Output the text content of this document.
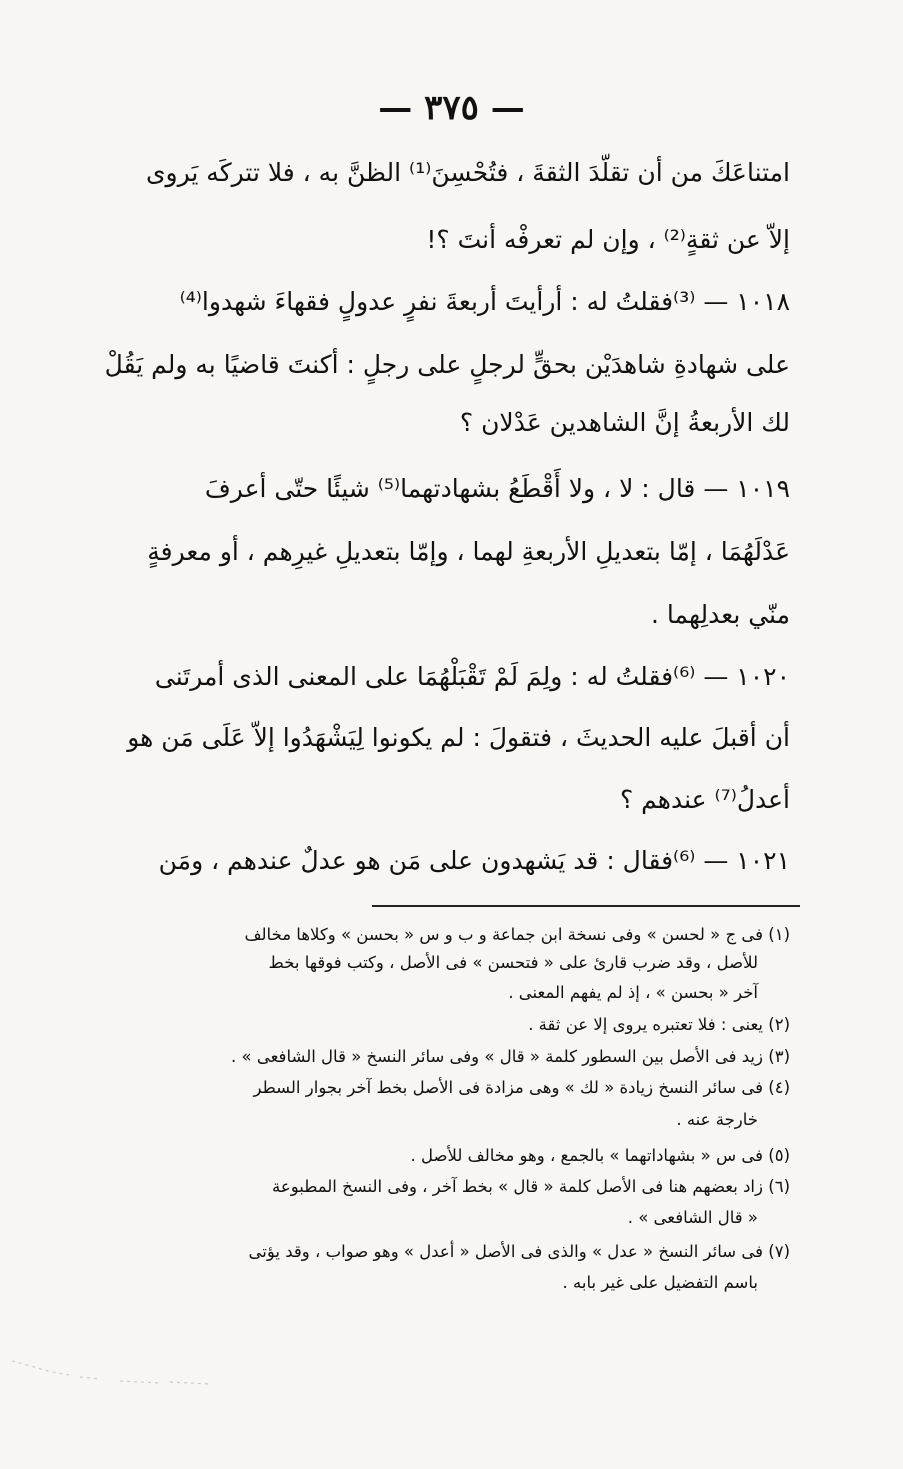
— ٣٧٥ —
امتناعَكَ من أن تقلّدَ الثقةَ ، فتُحْسِنَ⁽¹⁾ الظنَّ به ، فلا تتركَه يَروى
إلاّ عن ثقةٍ⁽²⁾ ، وإن لم تعرفْه أنتَ ؟!
١٠١٨ — ⁽³⁾فقلتُ له : أرأيتَ أربعةَ نفرٍ عدولٍ فقهاءَ شهدوا⁽⁴⁾
على شهادةِ شاهدَيْن بحقٍّ لرجلٍ على رجلٍ : أكنتَ قاضيًا به ولم يَقُلْ
لك الأربعةُ إنَّ الشاهدين عَدْلان ؟
١٠١٩ — قال : لا ، ولا أَقْطَعُ بشهادتهما⁽⁵⁾ شيئًا حتّى أعرفَ
عَدْلَهُمَا ، إمّا بتعديلِ الأربعةِ لهما ، وإمّا بتعديلِ غيرِهم ، أو معرفةٍ
منّي بعدلِهما .
١٠٢٠ — ⁽⁶⁾فقلتُ له : ولِمَ لَمْ تَقْبَلْهُمَا على المعنى الذى أمرتَنى
أن أقبلَ عليه الحديثَ ، فتقولَ : لم يكونوا لِيَشْهَدُوا إلاّ عَلَى مَن هو
أعدلُ⁽⁷⁾ عندهم ؟
١٠٢١ — ⁽⁶⁾فقال : قد يَشهدون على مَن هو عدلٌ عندهم ، ومَن
(١) فى ج « لحسن » وفى نسخة ابن جماعة و ب و س « بحسن » وكلاها مخالف
للأصل ، وقد ضرب قارئ على « فتحسن » فى الأصل ، وكتب فوقها بخط
آخر « بحسن » ، إذ لم يفهم المعنى .
(٢) يعنى : فلا تعتبره يروى إلا عن ثقة .
(٣) زيد فى الأصل بين السطور كلمة « قال » وفى سائر النسخ « قال الشافعى » .
(٤) فى سائر النسخ زيادة « لك » وهى مزادة فى الأصل بخط آخر بجوار السطر
خارجة عنه .
(٥) فى س « بشهاداتهما » بالجمع ، وهو مخالف للأصل .
(٦) زاد بعضهم هنا فى الأصل كلمة « قال » بخط آخر ، وفى النسخ المطبوعة
« قال الشافعى » .
(٧) فى سائر النسخ « عدل » والذى فى الأصل « أعدل » وهو صواب ، وقد يؤتى
باسم التفضيل على غير بابه .
